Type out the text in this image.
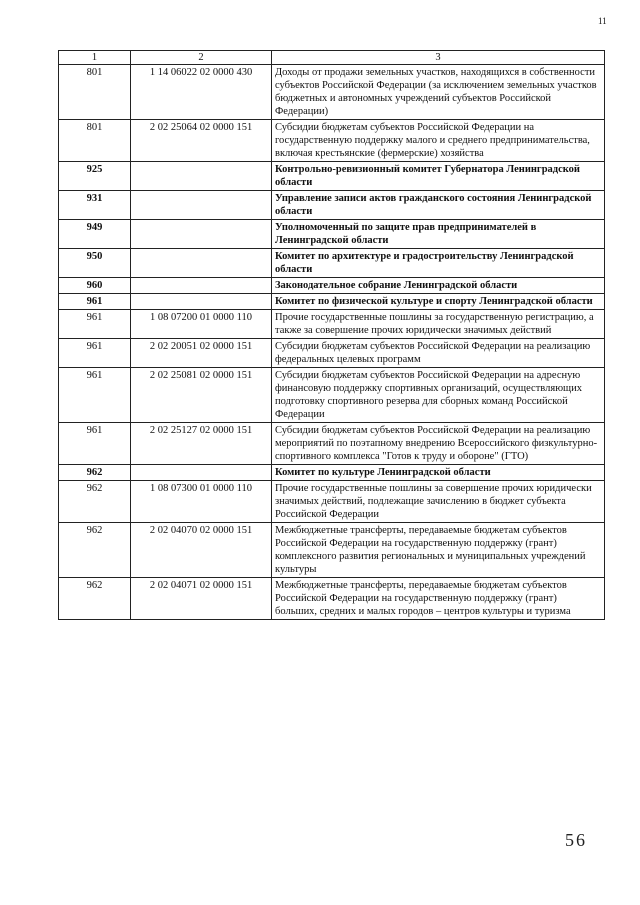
11
1	2	3
801	1 14 06022 02 0000 430	Доходы от продажи земельных участков, находящихся в собственности субъектов Российской Федерации (за исключением земельных участков бюджетных и автономных учреждений субъектов Российской Федерации)
801	2 02 25064 02 0000 151	Субсидии бюджетам субъектов Российской Федерации на государственную поддержку малого и среднего предпринимательства, включая крестьянские (фермерские) хозяйства
925		Контрольно-ревизионный комитет Губернатора Ленинградской области
931		Управление записи актов гражданского состояния Ленинградской области
949		Уполномоченный по защите прав предпринимателей в Ленинградской области
950		Комитет по архитектуре и градостроительству Ленинградской области
960		Законодательное собрание Ленинградской области
961		Комитет по физической культуре и спорту Ленинградской области
961	1 08 07200 01 0000 110	Прочие государственные пошлины за государственную регистрацию, а также за совершение прочих юридически значимых действий
961	2 02 20051 02 0000 151	Субсидии бюджетам субъектов Российской Федерации на реализацию федеральных целевых программ
961	2 02 25081 02 0000 151	Субсидии бюджетам субъектов Российской Федерации на адресную финансовую поддержку спортивных организаций, осуществляющих подготовку спортивного резерва для сборных команд Российской Федерации
961	2 02 25127 02 0000 151	Субсидии бюджетам субъектов Российской Федерации на реализацию мероприятий по поэтапному внедрению Всероссийского физкультурно-спортивного комплекса "Готов к труду и обороне" (ГТО)
962		Комитет по культуре Ленинградской области
962	1 08 07300 01 0000 110	Прочие государственные пошлины за совершение прочих юридически значимых действий, подлежащие зачислению в бюджет субъекта Российской Федерации
962	2 02 04070 02 0000 151	Межбюджетные трансферты, передаваемые бюджетам субъектов Российской Федерации на государственную поддержку (грант) комплексного развития региональных и муниципальных учреждений культуры
962	2 02 04071 02 0000 151	Межбюджетные трансферты, передаваемые бюджетам субъектов Российской Федерации на государственную поддержку (грант) больших, средних и малых городов – центров культуры и туризма
56
